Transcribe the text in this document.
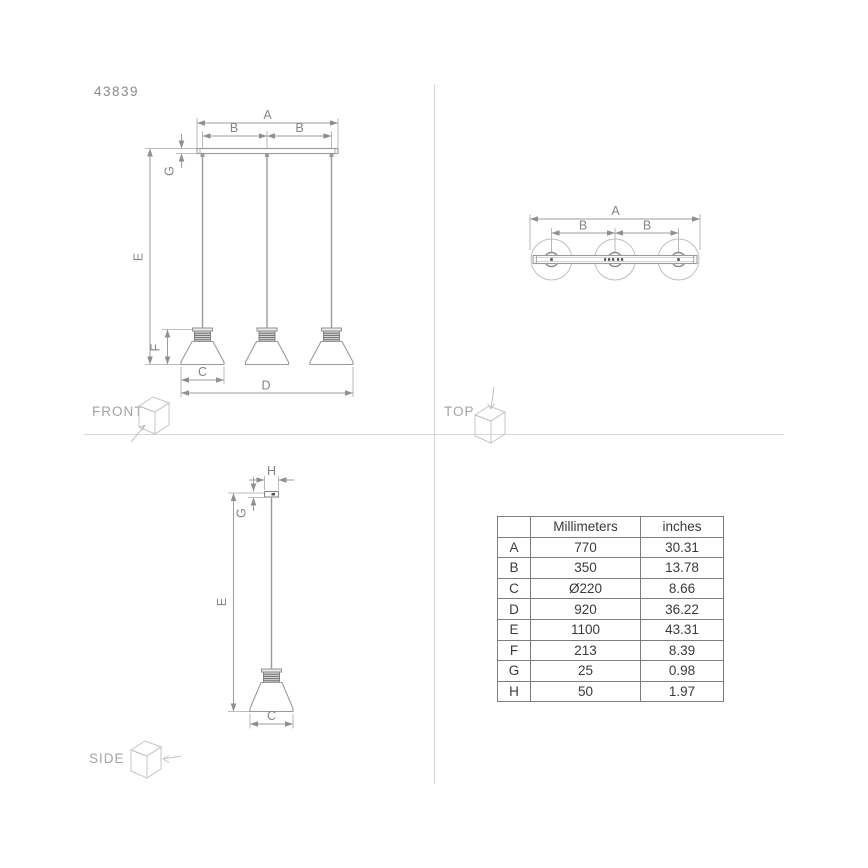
A
B	B
G
E
F
C
D
A
B	B
H
G
E
C
43839
FRONT	TOP
SIDE
	Millimeters	inches
A	770	30.31
B	350	13.78
C	Ø220	8.66
D	920	36.22
E	1100	43.31
F	213	8.39
G	25	0.98
H	50	1.97
